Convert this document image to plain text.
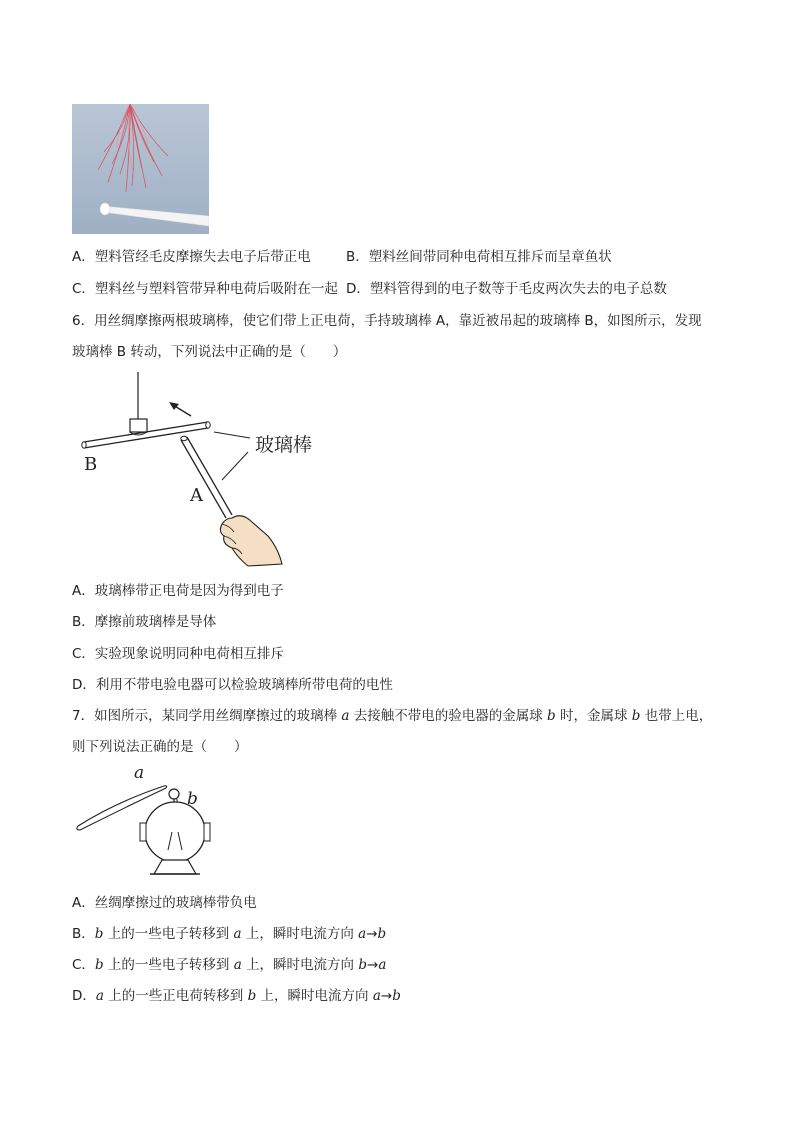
A．塑料管经毛皮摩擦失去电子后带正电	B．塑料丝间带同种电荷相互排斥而呈章鱼状
C．塑料丝与塑料管带异种电荷后吸附在一起 D．塑料管得到的电子数等于毛皮两次失去的电子总数
6．用丝绸摩擦两根玻璃棒，使它们带上正电荷，手持玻璃棒 A，靠近被吊起的玻璃棒 B，如图所示，发现
玻璃棒 B 转动，下列说法中正确的是（　　）
玻璃棒
B
A
A．玻璃棒带正电荷是因为得到电子
B．摩擦前玻璃棒是导体
C．实验现象说明同种电荷相互排斥
D．利用不带电验电器可以检验玻璃棒所带电荷的电性
7．如图所示，某同学用丝绸摩擦过的玻璃棒 a 去接触不带电的验电器的金属球 b 时，金属球 b 也带上电，
则下列说法正确的是（　　）
a
b
A．丝绸摩擦过的玻璃棒带负电
B．b 上的一些电子转移到 a 上，瞬时电流方向 a→b
C．b 上的一些电子转移到 a 上，瞬时电流方向 b→a
D．a 上的一些正电荷转移到 b 上，瞬时电流方向 a→b
